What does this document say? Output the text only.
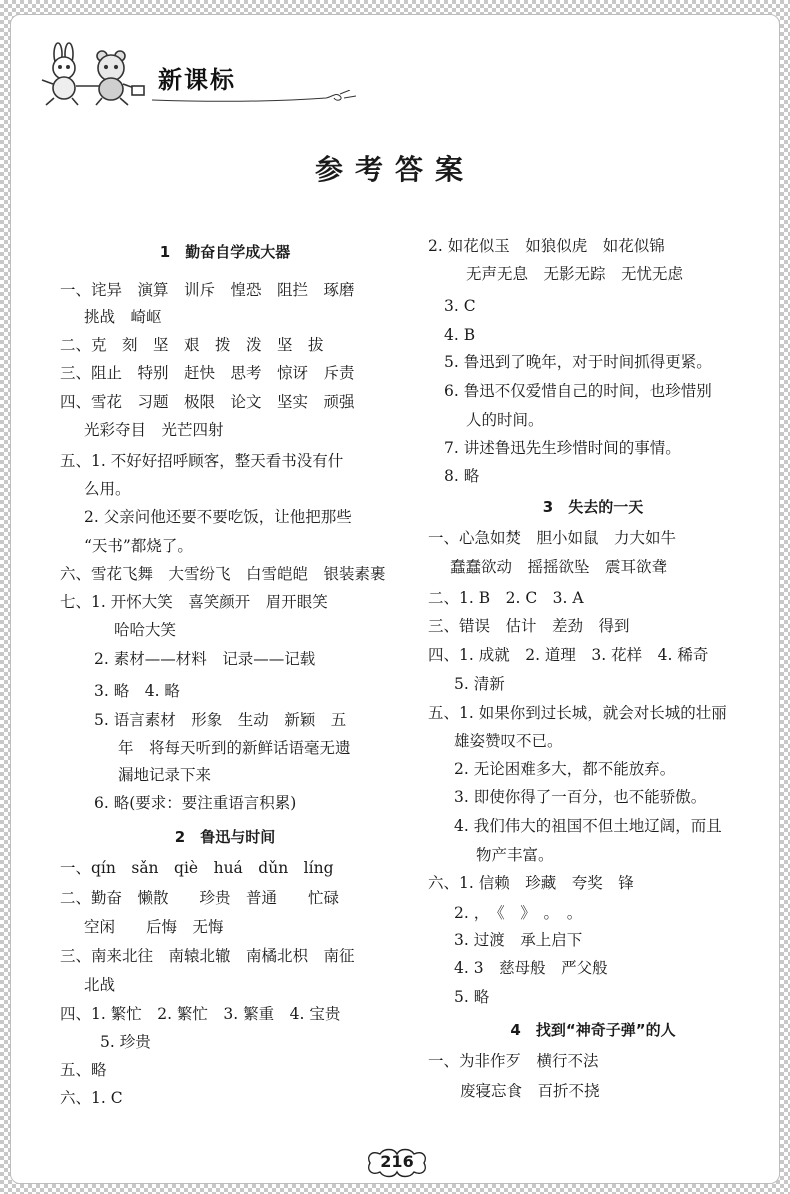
新课标
参考答案
1　勤奋自学成大器
一、诧异　演算　训斥　惶恐　阻拦　琢磨
挑战　崎岖
二、克　刻　坚　艰　拨　泼　坚　拔
三、阻止　特别　赶快　思考　惊讶　斥责
四、雪花　习题　极限　论文　坚实　顽强
光彩夺目　光芒四射
五、1. 不好好招呼顾客，整天看书没有什
么用。
2. 父亲问他还要不要吃饭，让他把那些
“天书”都烧了。
六、雪花飞舞　大雪纷飞　白雪皑皑　银装素裹
七、1. 开怀大笑　喜笑颜开　眉开眼笑
哈哈大笑
2. 素材——材料　记录——记载
3. 略　4. 略
5. 语言素材　形象　生动　新颖　五
年　将每天听到的新鲜话语毫无遗
漏地记录下来
6. 略(要求：要注重语言积累)
2　鲁迅与时间
一、qín　sǎn　qiè　huá　dǔn　líng
二、勤奋　懒散　　珍贵　普通　　忙碌
空闲　　后悔　无悔
三、南来北往　南辕北辙　南橘北枳　南征
北战
四、1. 繁忙　2. 繁忙　3. 繁重　4. 宝贵
5. 珍贵
五、略
六、1. C
2. 如花似玉　如狼似虎　如花似锦
无声无息　无影无踪　无忧无虑
3. C
4. B
5. 鲁迅到了晚年，对于时间抓得更紧。
6. 鲁迅不仅爱惜自己的时间，也珍惜别
人的时间。
7. 讲述鲁迅先生珍惜时间的事情。
8. 略
3　失去的一天
一、心急如焚　胆小如鼠　力大如牛
蠢蠢欲动　摇摇欲坠　震耳欲聋
二、1. B　2. C　3. A
三、错误　估计　差劲　得到
四、1. 成就　2. 道理　3. 花样　4. 稀奇
5. 清新
五、1. 如果你到过长城，就会对长城的壮丽
雄姿赞叹不已。
2. 无论困难多大，都不能放弃。
3. 即使你得了一百分，也不能骄傲。
4. 我们伟大的祖国不但土地辽阔，而且
物产丰富。
六、1. 信赖　珍藏　夸奖　锋
2. ，　《　》　。　。
3. 过渡　承上启下
4. 3　慈母般　严父般
5. 略
4　找到“神奇子弹”的人
一、为非作歹　横行不法
废寝忘食　百折不挠
216
